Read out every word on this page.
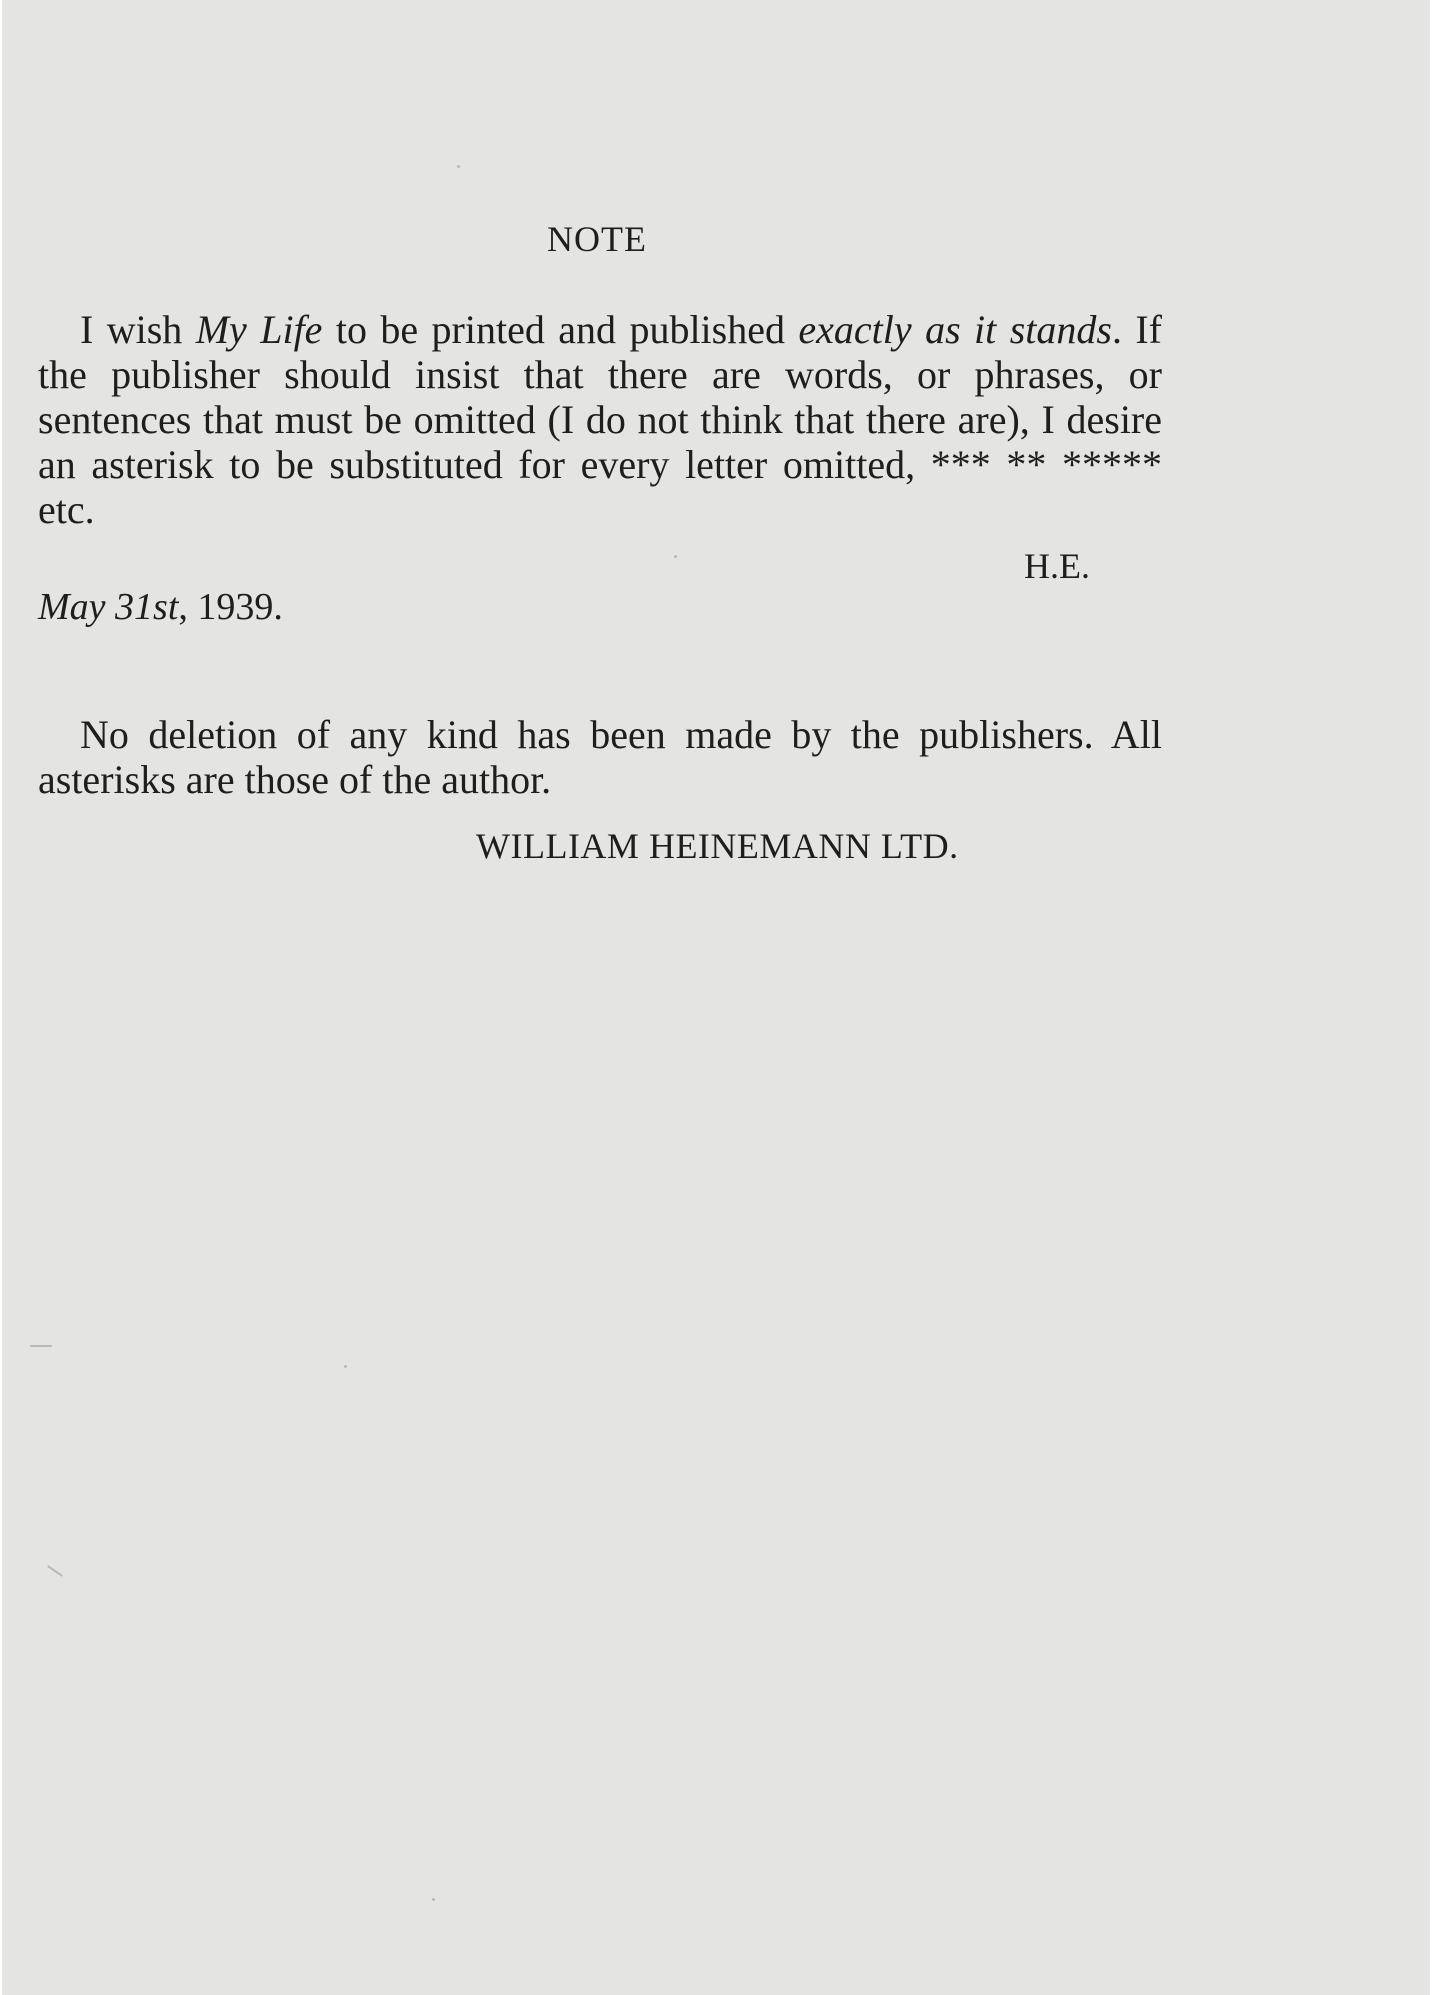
NOTE

I wish My Life to be printed and published exactly as it stands. If the publisher should insist that there are words, or phrases, or sentences that must be omitted (I do not think that there are), I desire an asterisk to be substituted for every letter omitted, *** ** ***** etc.

H.E.

May 31st, 1939.

No deletion of any kind has been made by the publishers. All asterisks are those of the author.

WILLIAM HEINEMANN LTD.
